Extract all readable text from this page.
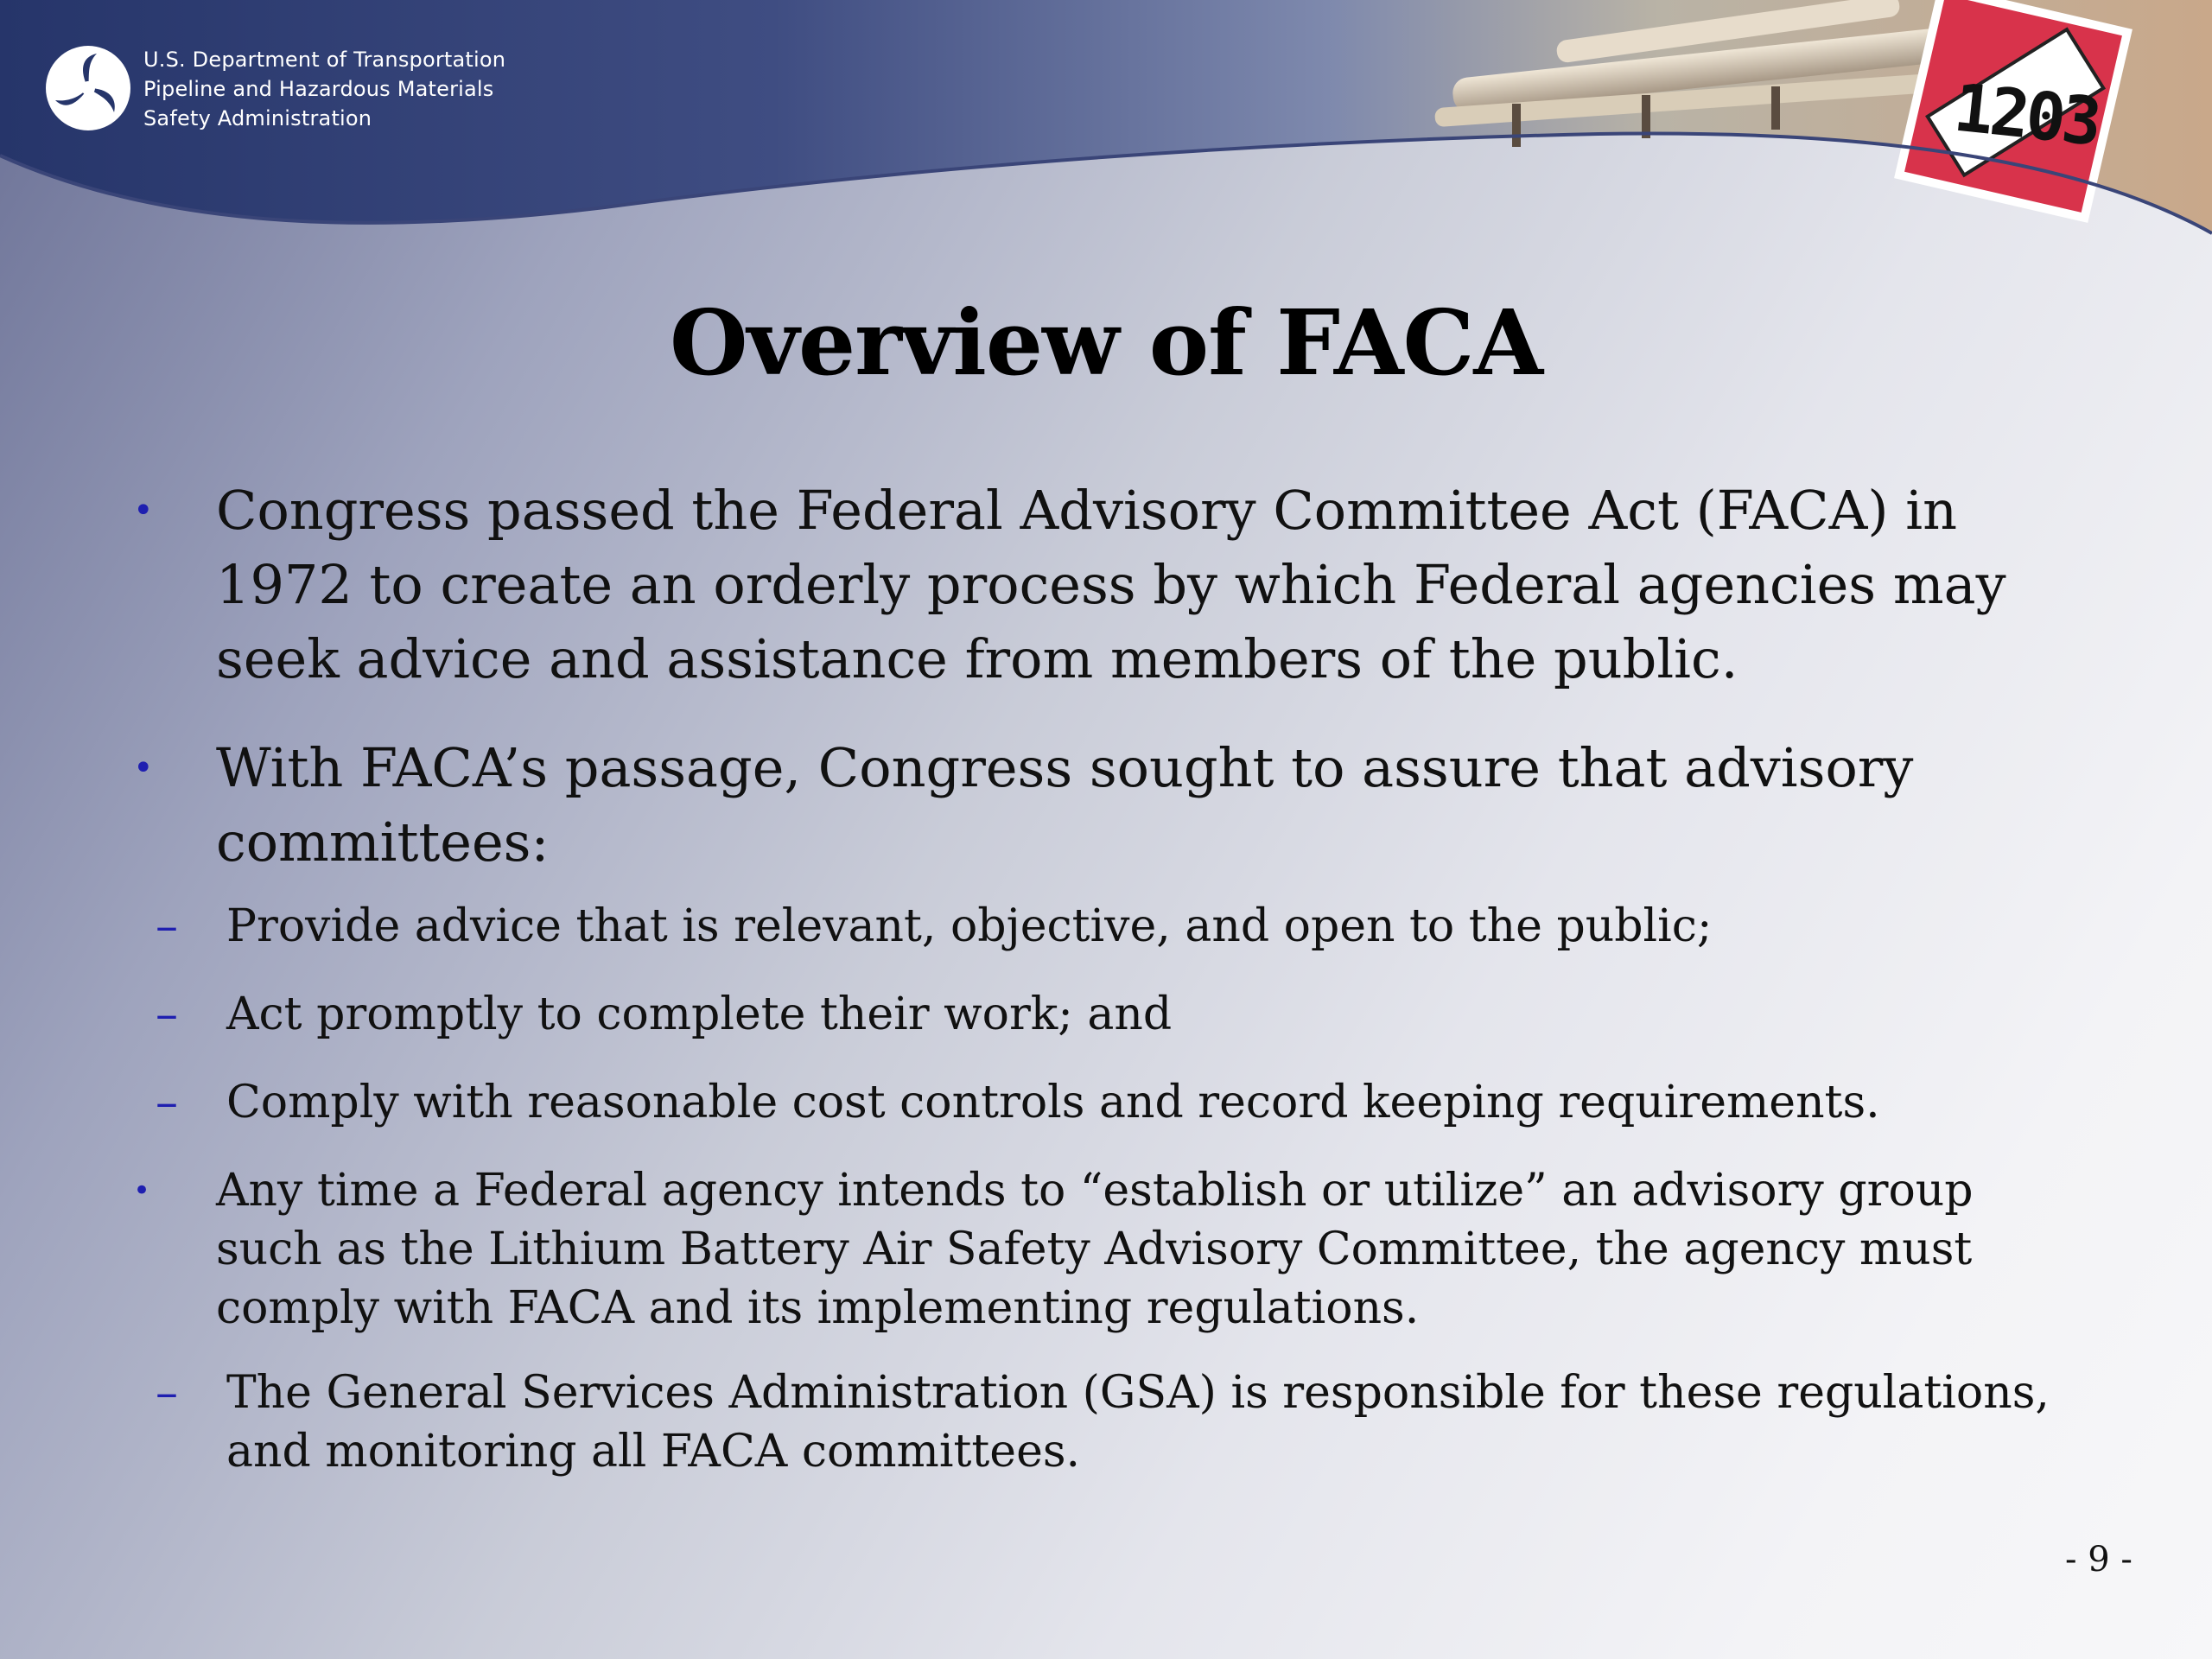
1203
U.S. Department of Transportation
Pipeline and Hazardous Materials
Safety Administration
Overview of FACA
• Congress passed the Federal Advisory Committee Act (FACA) in 1972 to create an orderly process by which Federal agencies may seek advice and assistance from members of the public.
• With FACA’s passage, Congress sought to assure that advisory committees:
– Provide advice that is relevant, objective, and open to the public;
– Act promptly to complete their work; and
– Comply with reasonable cost controls and record keeping requirements.
• Any time a Federal agency intends to “establish or utilize” an advisory group such as the Lithium Battery Air Safety Advisory Committee, the agency must comply with FACA and its implementing regulations.
– The General Services Administration (GSA) is responsible for these regulations, and monitoring all FACA committees.
- 9 -
